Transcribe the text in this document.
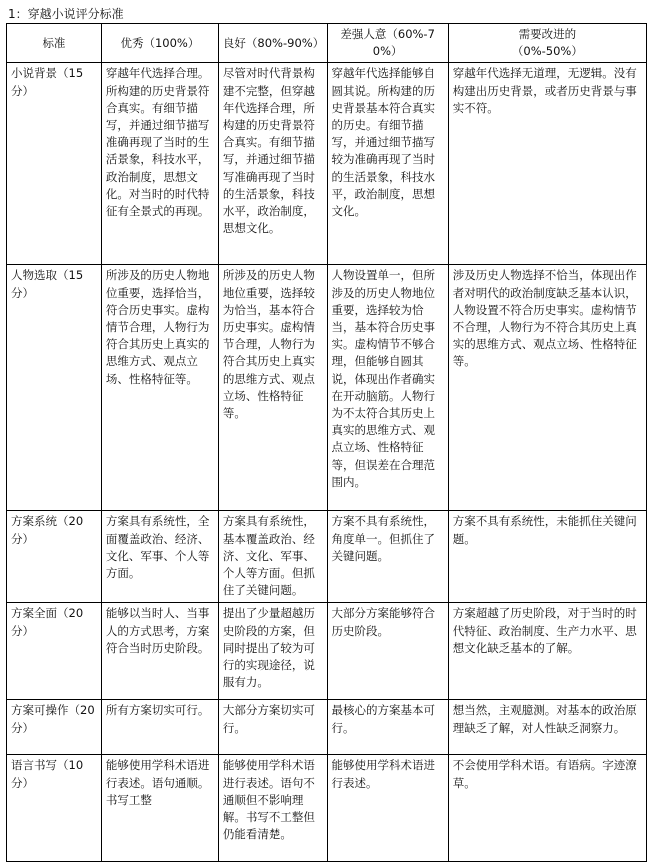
1：穿越小说评分标准
标准	优秀（100%）	良好（80%-90%）	差强人意（60%-70%）	需要改进的
（0%-50%）

小说背景（15分）	穿越年代选择合理。所构建的历史背景符合真实。有细节描写，并通过细节描写准确再现了当时的生活景象，科技水平，政治制度，思想文化。对当时的时代特征有全景式的再现。	尽管对时代背景构建不完整，但穿越年代选择合理，所构建的历史背景符合真实。有细节描写，并通过细节描写准确再现了当时的生活景象，科技水平，政治制度，思想文化。	穿越年代选择能够自圆其说。所构建的历史背景基本符合真实的历史。有细节描写，并通过细节描写较为准确再现了当时的生活景象，科技水平，政治制度，思想文化。	穿越年代选择无道理，无逻辑。没有构建出历史背景，或者历史背景与事实不符。
人物选取（15分）	所涉及的历史人物地位重要，选择恰当，符合历史事实。虚构情节合理，人物行为符合其历史上真实的思维方式、观点立场、性格特征等。	所涉及的历史人物地位重要，选择较为恰当，基本符合历史事实。虚构情节合理，人物行为符合其历史上真实的思维方式、观点立场、性格特征等。	人物设置单一，但所涉及的历史人物地位重要，选择较为恰当，基本符合历史事实。虚构情节不够合理，但能够自圆其说，体现出作者确实在开动脑筋。人物行为不太符合其历史上真实的思维方式、观点立场、性格特征等，但误差在合理范围内。	涉及历史人物选择不恰当，体现出作者对明代的政治制度缺乏基本认识，人物设置不符合历史事实。虚构情节不合理，人物行为不符合其历史上真实的思维方式、观点立场、性格特征等。
方案系统（20分）	方案具有系统性，全面覆盖政治、经济、文化、军事、个人等方面。	方案具有系统性，基本覆盖政治、经济、文化、军事、个人等方面。但抓住了关键问题。	方案不具有系统性，角度单一。但抓住了关键问题。	方案不具有系统性，未能抓住关键问题。
方案全面（20分）	能够以当时人、当事人的方式思考，方案符合当时历史阶段。	提出了少量超越历史阶段的方案，但同时提出了较为可行的实现途径，说服有力。	大部分方案能够符合历史阶段。	方案超越了历史阶段，对于当时的时代特征、政治制度、生产力水平、思想文化缺乏基本的了解。
方案可操作（20分）	所有方案切实可行。	大部分方案切实可行。	最核心的方案基本可行。	想当然，主观臆测。对基本的政治原理缺乏了解，对人性缺乏洞察力。
语言书写（10分）	能够使用学科术语进行表述。语句通顺。书写工整	能够使用学科术语进行表述。语句不通顺但不影响理解。书写不工整但仍能看清楚。	能够使用学科术语进行表述。	不会使用学科术语。有语病。字迹潦草。
